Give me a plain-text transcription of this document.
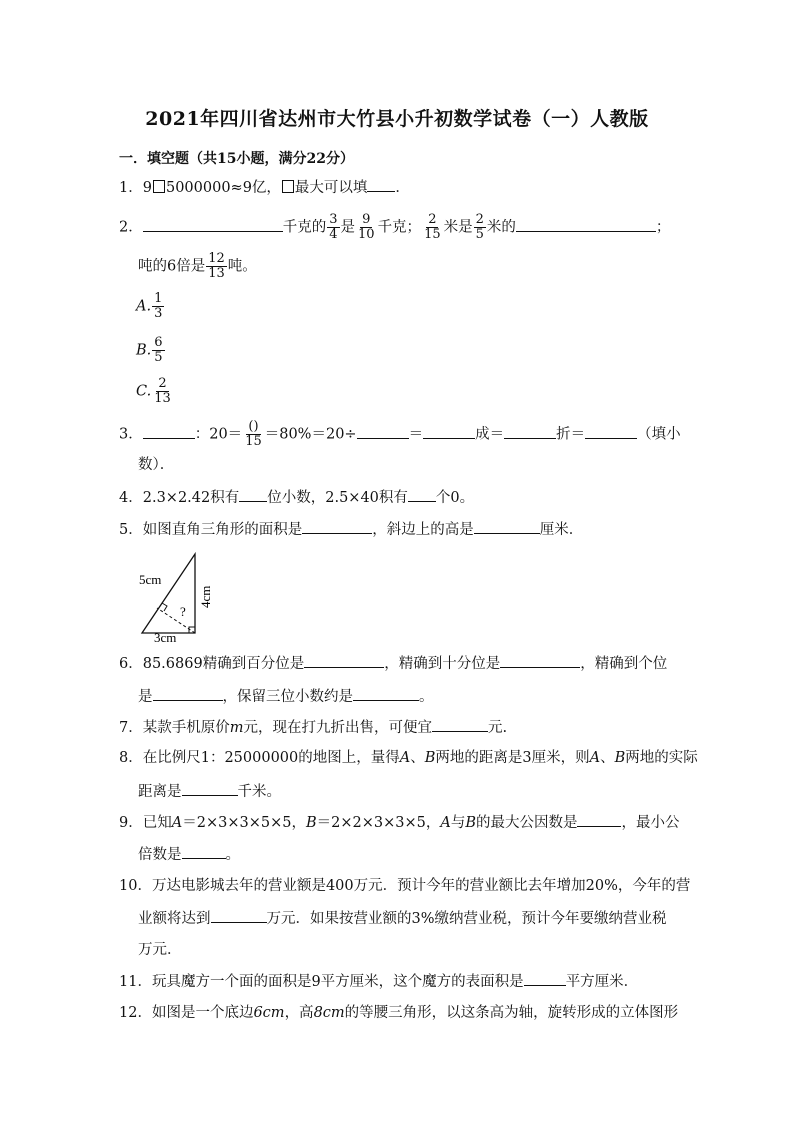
2021年四川省达州市大竹县小升初数学试卷（一）人教版
一．填空题（共15小题，满分22分）
1．9 5000000≈9亿， 最大可以填 ．
2．	千克的 $\frac{3}{4}$ 是 $\frac{9}{10}$ 千克； $\frac{2}{15}$ 米是 $\frac{2}{5}$ 米的	；
吨的6倍是 $\frac{12}{13}$ 吨。
A. $\frac{1}{3}$
B. $\frac{6}{5}$
C. $\frac{2}{13}$
3．	：$20= \frac{()}{15} =80\%=20\div$	＝	成＝	折＝	（填小
数）．
4．2.3×2.42积有 位小数，2.5×40积有 个0。
5．如图直角三角形的面积是	，斜边上的高是	厘米．
5cm
?
3cm
4cm
6．85.6869精确到百分位是	，精确到十分位是	，精确到个位
是	，保留三位小数约是	。
7．某款手机原价m元，现在打九折出售，可便宜	元.
8．在比例尺1：25000000的地图上，量得A、B两地的距离是3厘米，则A、B两地的实际
距离是	千米。
9．已知A＝2×3×3×5×5，B＝2×2×3×3×5，A与B的最大公因数是	，最小公
倍数是	。
10．万达电影城去年的营业额是400万元．预计今年的营业额比去年增加20%，今年的营
业额将达到	万元．如果按营业额的3%缴纳营业税，预计今年要缴纳营业税
万元．
11．玩具魔方一个面的面积是9平方厘米，这个魔方的表面积是	平方厘米．
12．如图是一个底边6cm，高8cm的等腰三角形，以这条高为轴，旋转形成的立体图形
